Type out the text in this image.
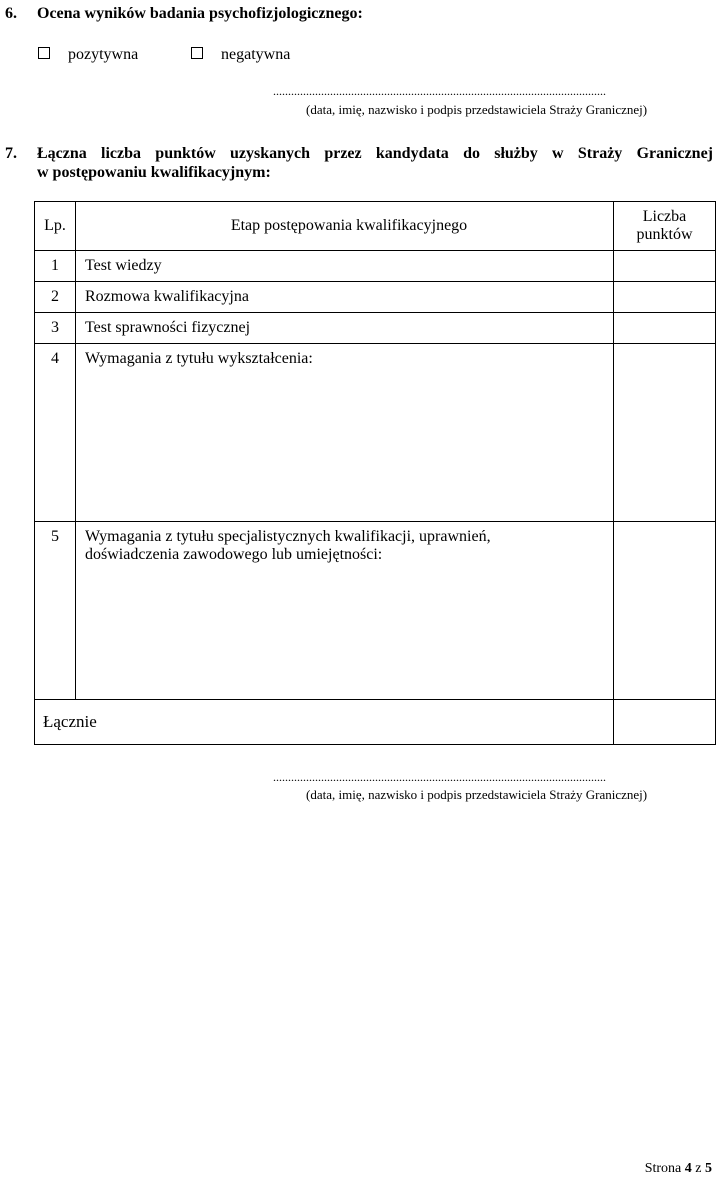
6. Ocena wyników badania psychofizjologicznego:
pozytywna	negatywna
...............................................................................................................
(data, imię, nazwisko i podpis przedstawiciela Straży Granicznej)
7. Łączna liczba punktów uzyskanych przez kandydata do służby w Straży Granicznej
w postępowaniu kwalifikacyjnym:
Lp.	Etap postępowania kwalifikacyjnego	Liczba
punktów

1	Test wiedzy	
2	Rozmowa kwalifikacyjna	
3	Test sprawności fizycznej	
4	Wymagania z tytułu wykształcenia:	
5	Wymagania z tytułu specjalistycznych kwalifikacji, uprawnień,
doświadczenia zawodowego lub umiejętności:	

Łącznie		
...............................................................................................................
(data, imię, nazwisko i podpis przedstawiciela Straży Granicznej)
Strona 4 z 5
